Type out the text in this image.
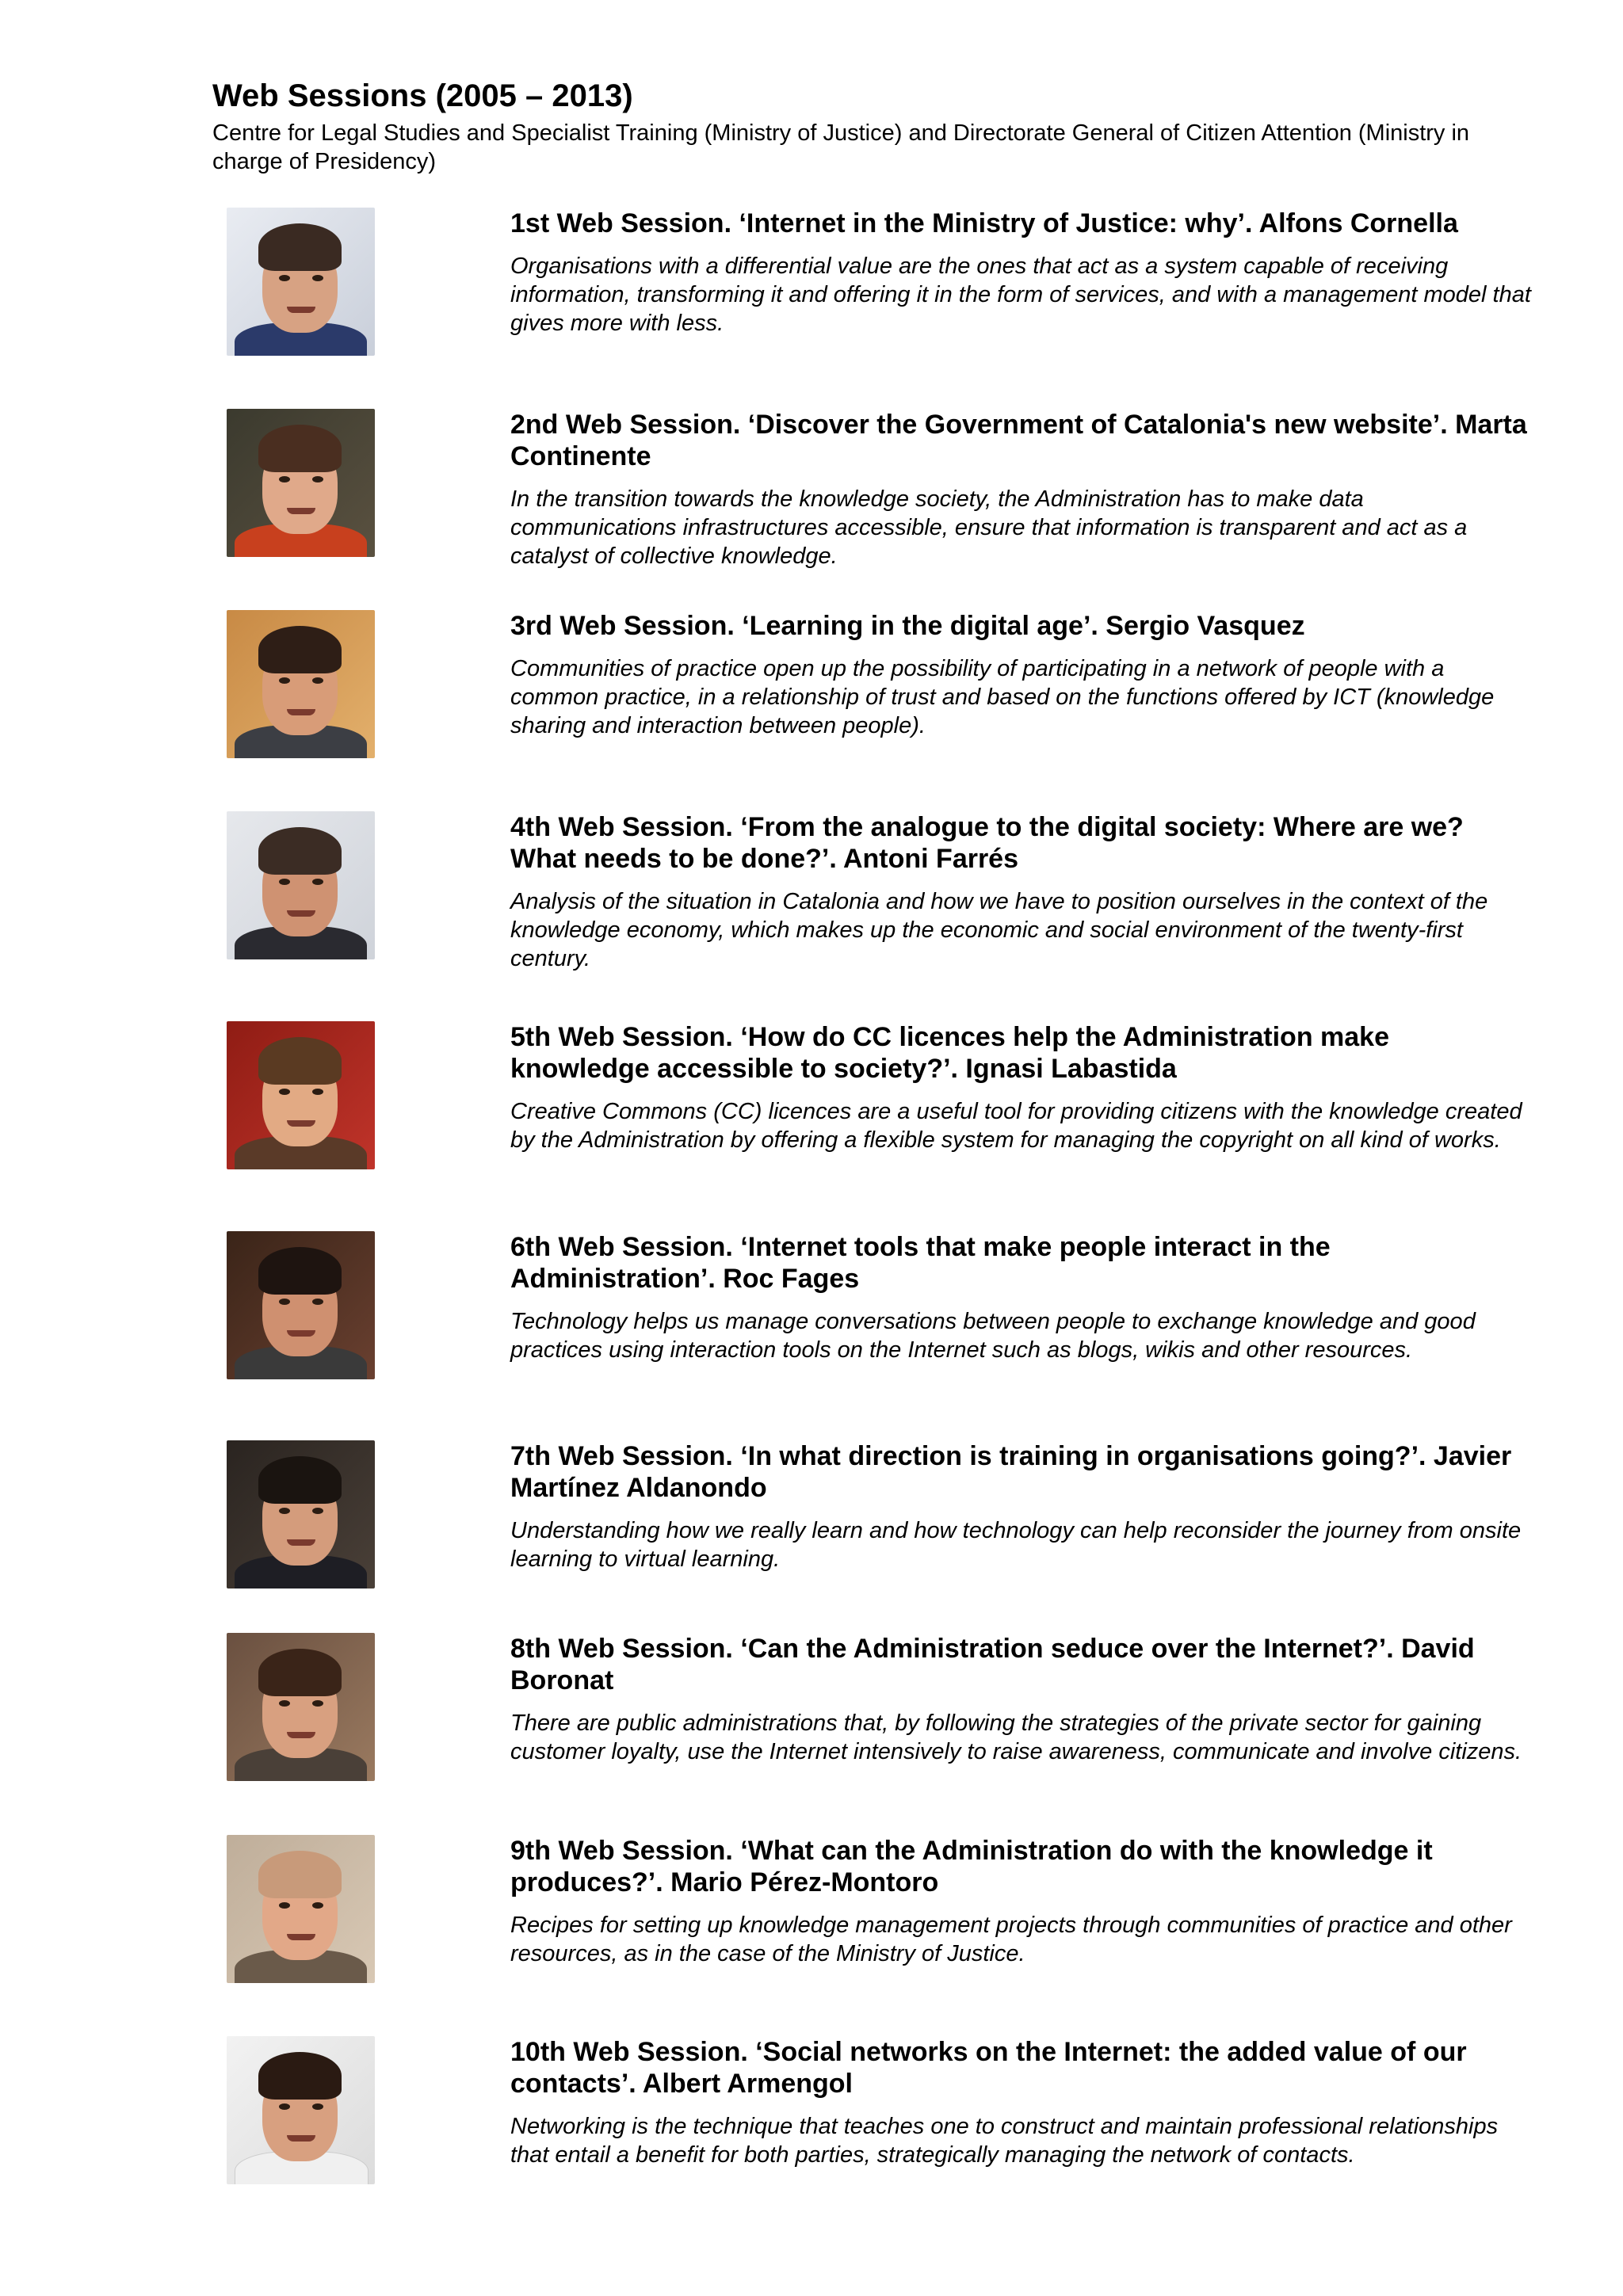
Web Sessions (2005 – 2013)

Centre for Legal Studies and Specialist Training (Ministry of Justice) and Directorate General of Citizen Attention (Ministry in charge of Presidency)

1st Web Session. ‘Internet in the Ministry of Justice: why’. Alfons Cornella

Organisations with a differential value are the ones that act as a system capable of receiving information, transforming it and offering it in the form of services, and with a management model that gives more with less.

2nd Web Session. ‘Discover the Government of Catalonia's new website’. Marta Continente

In the transition towards the knowledge society, the Administration has to make data communications infrastructures accessible, ensure that information is transparent and act as a catalyst of collective knowledge.

3rd Web Session. ‘Learning in the digital age’. Sergio Vasquez

Communities of practice open up the possibility of participating in a network of people with a common practice, in a relationship of trust and based on the functions offered by ICT (knowledge sharing and interaction between people).

4th Web Session. ‘From the analogue to the digital society: Where are we? What needs to be done?’. Antoni Farrés

Analysis of the situation in Catalonia and how we have to position ourselves in the context of the knowledge economy, which makes up the economic and social environment of the twenty-first century.

5th Web Session. ‘How do CC licences help the Administration make knowledge accessible to society?’. Ignasi Labastida

Creative Commons (CC) licences are a useful tool for providing citizens with the knowledge created by the Administration by offering a flexible system for managing the copyright on all kind of works.

6th Web Session. ‘Internet tools that make people interact in the Administration’. Roc Fages

Technology helps us manage conversations between people to exchange knowledge and good practices using interaction tools on the Internet such as blogs, wikis and other resources.

7th Web Session. ‘In what direction is training in organisations going?’. Javier Martínez Aldanondo

Understanding how we really learn and how technology can help reconsider the journey from onsite learning to virtual learning.

8th Web Session. ‘Can the Administration seduce over the Internet?’. David Boronat

There are public administrations that, by following the strategies of the private sector for gaining customer loyalty, use the Internet intensively to raise awareness, communicate and involve citizens.

9th Web Session. ‘What can the Administration do with the knowledge it produces?’. Mario Pérez-Montoro

Recipes for setting up knowledge management projects through communities of practice and other resources, as in the case of the Ministry of Justice.

10th Web Session. ‘Social networks on the Internet: the added value of our contacts’. Albert Armengol

Networking is the technique that teaches one to construct and maintain professional relationships that entail a benefit for both parties, strategically managing the network of contacts.
